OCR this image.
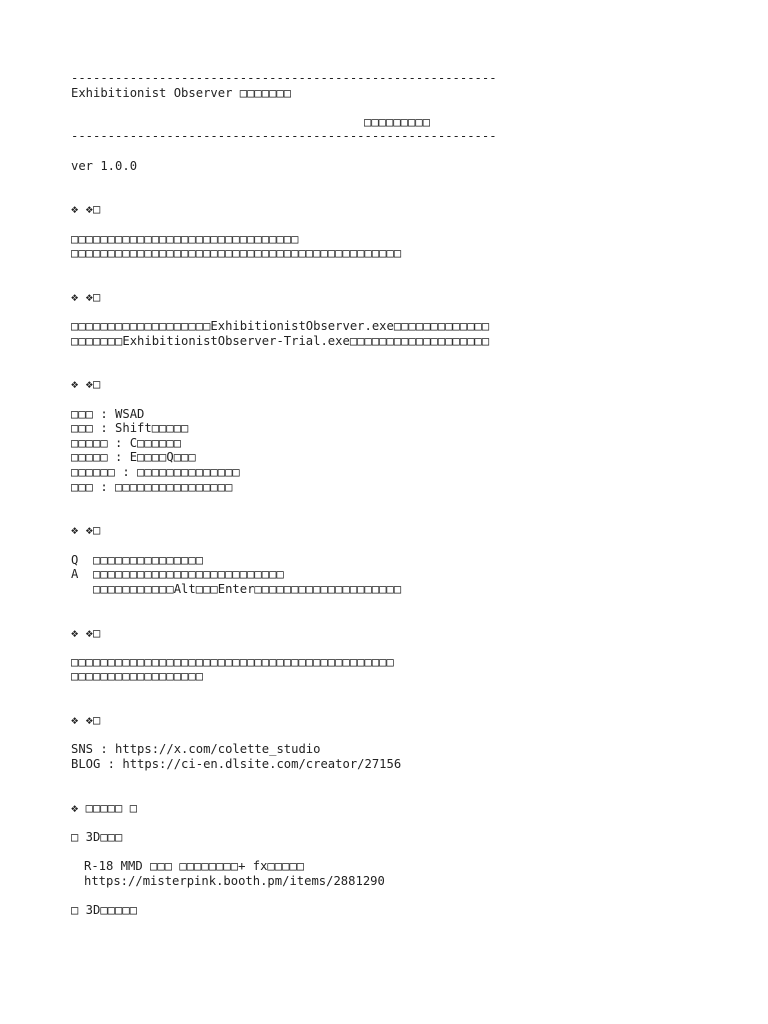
----------------------------------------------------------
Exhibitionist Observer □□□□□□□
□□□□□□□□□
----------------------------------------------------------
ver 1.0.0
❖ ❖□
□□□□□□□□□□□□□□□□□□□□□□□□□□□□□□□
□□□□□□□□□□□□□□□□□□□□□□□□□□□□□□□□□□□□□□□□□□□□□
❖ ❖□
□□□□□□□□□□□□□□□□□□□ExhibitionistObserver.exe□□□□□□□□□□□□□
□□□□□□□ExhibitionistObserver-Trial.exe□□□□□□□□□□□□□□□□□□□
❖ ❖□
□□□ : WSAD
□□□ : Shift□□□□□
□□□□□ : C□□□□□□
□□□□□ : E□□□□Q□□□
□□□□□□ : □□□□□□□□□□□□□□
□□□ : □□□□□□□□□□□□□□□□
❖ ❖□
Q  □□□□□□□□□□□□□□□
A  □□□□□□□□□□□□□□□□□□□□□□□□□□
□□□□□□□□□□□Alt□□□Enter□□□□□□□□□□□□□□□□□□□□
❖ ❖□
□□□□□□□□□□□□□□□□□□□□□□□□□□□□□□□□□□□□□□□□□□□□
□□□□□□□□□□□□□□□□□□
❖ ❖□
SNS : https://x.com/colette_studio
BLOG : https://ci-en.dlsite.com/creator/27156
❖ □□□□□ □
□ 3D□□□
R-18 MMD □□□ □□□□□□□□+ fx□□□□□
https://misterpink.booth.pm/items/2881290
□ 3D□□□□□
